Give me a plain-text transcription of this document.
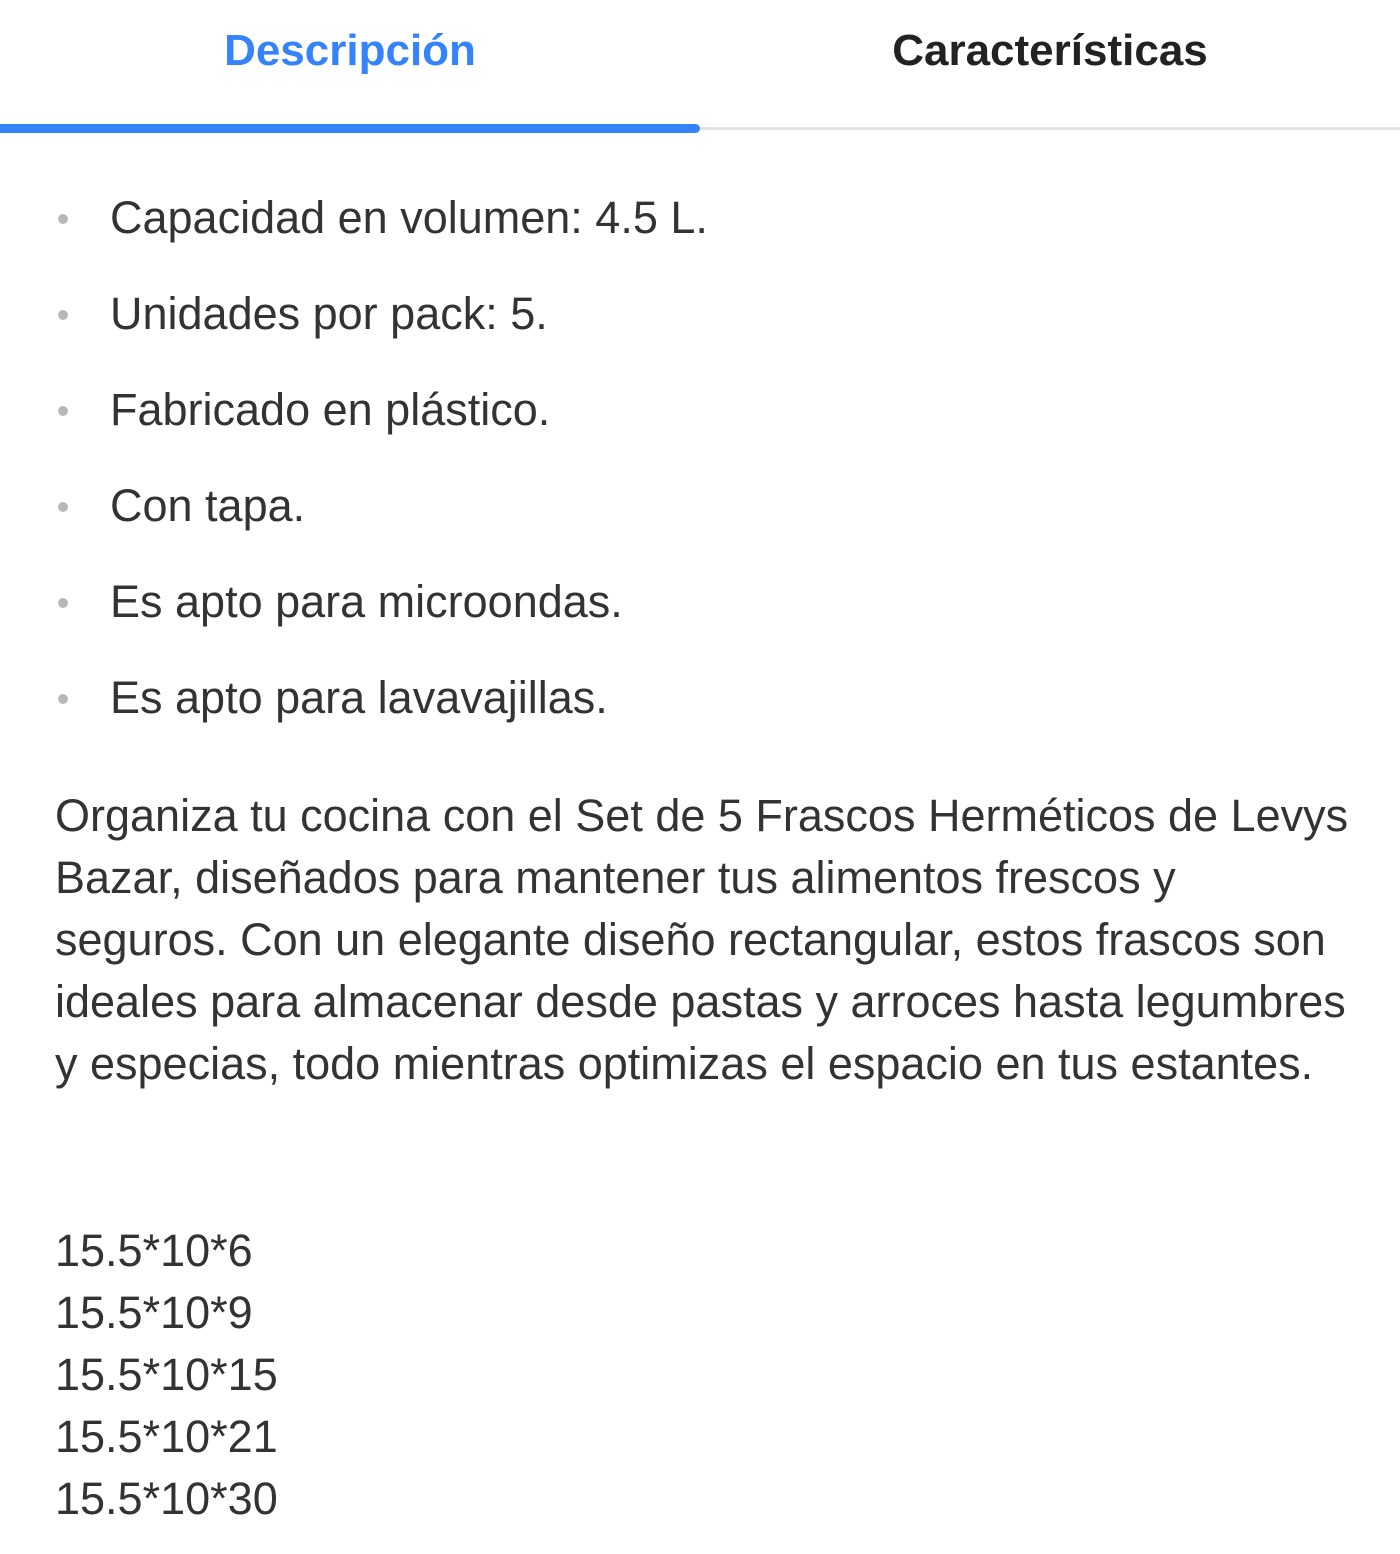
Descripción	Características
Capacidad en volumen: 4.5 L.
Unidades por pack: 5.
Fabricado en plástico.
Con tapa.
Es apto para microondas.
Es apto para lavavajillas.

Organiza tu cocina con el Set de 5 Frascos Herméticos de Levys Bazar, diseñados para mantener tus alimentos frescos y seguros. Con un elegante diseño rectangular, estos frascos son ideales para almacenar desde pastas y arroces hasta legumbres y especias, todo mientras optimizas el espacio en tus estantes.

15.5*10*6
15.5*10*9
15.5*10*15
15.5*10*21
15.5*10*30
